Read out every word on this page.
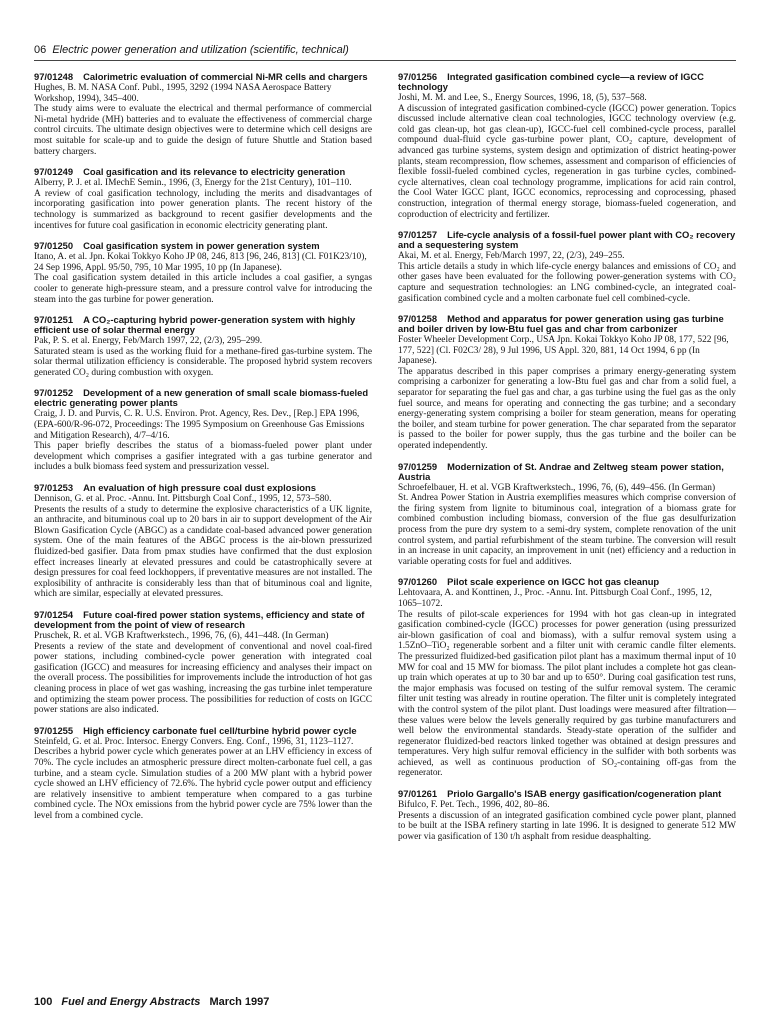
06 Electric power generation and utilization (scientific, technical)
97/01248 Calorimetric evaluation of commercial Ni-MR cells and chargers
Hughes, B. M. NASA Conf. Publ., 1995, 3292 (1994 NASA Aerospace Battery Workshop, 1994), 345–400.
The study aims were to evaluate the electrical and thermal performance of commercial Ni-metal hydride (MH) batteries and to evaluate the effectiveness of commercial charge control circuits. The ultimate design objectives were to determine which cell designs are most suitable for scale-up and to guide the design of future Shuttle and Station based battery chargers.
97/01249 Coal gasification and its relevance to electricity generation
Alberry, P. J. et al. IMechE Semin., 1996, (3, Energy for the 21st Century), 101–110.
A review of coal gasification technology, including the merits and disadvantages of incorporating gasification into power generation plants. The recent history of the technology is summarized as background to recent gasifier developments and the incentives for future coal gasification in economic electricity generating plant.
97/01250 Coal gasification system in power generation system
Itano, A. et al. Jpn. Kokai Tokkyo Koho JP 08, 246, 813 [96, 246, 813] (Cl. F01K23/10), 24 Sep 1996, Appl. 95/50, 795, 10 Mar 1995, 10 pp (In Japanese).
The coal gasification system detailed in this article includes a coal gasifier, a syngas cooler to generate high-pressure steam, and a pressure control valve for introducing the steam into the gas turbine for power generation.
97/01251 A CO₂-capturing hybrid power-generation system with highly efficient use of solar thermal energy
Pak, P. S. et al. Energy, Feb/March 1997, 22, (2/3), 295–299.
Saturated steam is used as the working fluid for a methane-fired gas-turbine system. The solar thermal utilization efficiency is considerable. The proposed hybrid system recovers generated CO₂ during combustion with oxygen.
97/01252 Development of a new generation of small scale biomass-fueled electric generating power plants
Craig, J. D. and Purvis, C. R. U.S. Environ. Prot. Agency, Res. Dev., [Rep.] EPA 1996, (EPA-600/R-96-072, Proceedings: The 1995 Symposium on Greenhouse Gas Emissions and Mitigation Research), 4/7–4/16.
This paper briefly describes the status of a biomass-fueled power plant under development which comprises a gasifier integrated with a gas turbine generator and includes a bulk biomass feed system and pressurization vessel.
97/01253 An evaluation of high pressure coal dust explosions
Dennison, G. et al. Proc. -Annu. Int. Pittsburgh Coal Conf., 1995, 12, 573–580.
Presents the results of a study to determine the explosive characteristics of a UK lignite, an anthracite, and bituminous coal up to 20 bars in air to support development of the Air Blown Gasification Cycle (ABGC) as a candidate coal-based advanced power generation system. One of the main features of the ABGC process is the air-blown pressurized fluidized-bed gasifier. Data from pmax studies have confirmed that the dust explosion effect increases linearly at elevated pressures and could be catastrophically severe at design pressures for coal feed lockhoppers, if preventative measures are not installed. The explosibility of anthracite is considerably less than that of bituminous coal and lignite, which are similar, especially at elevated pressures.
97/01254 Future coal-fired power station systems, efficiency and state of development from the point of view of research
Pruschek, R. et al. VGB Kraftwerkstech., 1996, 76, (6), 441–448. (In German)
Presents a review of the state and development of conventional and novel coal-fired power stations, including combined-cycle power generation with integrated coal gasification (IGCC) and measures for increasing efficiency and analyses their impact on the overall process. The possibilities for improvements include the introduction of hot gas cleaning process in place of wet gas washing, increasing the gas turbine inlet temperature and optimizing the steam power process. The possibilities for reduction of costs on IGCC power stations are also indicated.
97/01255 High efficiency carbonate fuel cell/turbine hybrid power cycle
Steinfeld, G. et al. Proc. Intersoc. Energy Convers. Eng. Conf., 1996, 31, 1123–1127.
Describes a hybrid power cycle which generates power at an LHV efficiency in excess of 70%. The cycle includes an atmospheric pressure direct molten-carbonate fuel cell, a gas turbine, and a steam cycle. Simulation studies of a 200 MW plant with a hybrid power cycle showed an LHV efficiency of 72.6%. The hybrid cycle power output and efficiency are relatively insensitive to ambient temperature when compared to a gas turbine combined cycle. The NOx emissions from the hybrid power cycle are 75% lower than the level from a combined cycle.
97/01256 Integrated gasification combined cycle—a review of IGCC technology
Joshi, M. M. and Lee, S., Energy Sources, 1996, 18, (5), 537–568.
A discussion of integrated gasification combined-cycle (IGCC) power generation. Topics discussed include alternative clean coal technologies, IGCC technology overview (e.g. cold gas clean-up, hot gas clean-up), IGCC-fuel cell combined-cycle process, parallel compound dual-fluid cycle gas-turbine power plant, CO₂ capture, development of advanced gas turbine systems, system design and optimization of district heating-power plants, steam recompression, flow schemes, assessment and comparison of efficiencies of flexible fossil-fueled combined cycles, regeneration in gas turbine cycles, combined-cycle alternatives, clean coal technology programme, implications for acid rain control, the Cool Water IGCC plant, IGCC economics, reprocessing and coprocessing, phased construction, integration of thermal energy storage, biomass-fueled cogeneration, and coproduction of electricity and fertilizer.
97/01257 Life-cycle analysis of a fossil-fuel power plant with CO₂ recovery and a sequestering system
Akai, M. et al. Energy, Feb/March 1997, 22, (2/3), 249–255.
This article details a study in which life-cycle energy balances and emissions of CO₂ and other gases have been evaluated for the following power-generation systems with CO₂ capture and sequestration technologies: an LNG combined-cycle, an integrated coal-gasification combined cycle and a molten carbonate fuel cell combined-cycle.
97/01258 Method and apparatus for power generation using gas turbine and boiler driven by low-Btu fuel gas and char from carbonizer
Foster Wheeler Development Corp., USA Jpn. Kokai Tokkyo Koho JP 08, 177, 522 [96, 177, 522] (Cl. F02C3/ 28), 9 Jul 1996, US Appl. 320, 881, 14 Oct 1994, 6 pp (In Japanese).
The apparatus described in this paper comprises a primary energy-generating system comprising a carbonizer for generating a low-Btu fuel gas and char from a solid fuel, a separator for separating the fuel gas and char, a gas turbine using the fuel gas as the only fuel source, and means for operating and connecting the gas turbine; and a secondary energy-generating system comprising a boiler for steam generation, means for operating the boiler, and steam turbine for power generation. The char separated from the separator is passed to the boiler for power supply, thus the gas turbine and the boiler can be operated independently.
97/01259 Modernization of St. Andrae and Zeltweg steam power station, Austria
Schroefelbauer, H. et al. VGB Kraftwerkstech., 1996, 76, (6), 449–456. (In German)
St. Andrea Power Station in Austria exemplifies measures which comprise conversion of the firing system from lignite to bituminous coal, integration of a biomass grate for combined combustion including biomass, conversion of the flue gas desulfurization process from the pure dry system to a semi-dry system, complete renovation of the unit control system, and partial refurbishment of the steam turbine. The conversion will result in an increase in unit capacity, an improvement in unit (net) efficiency and a reduction in variable operating costs for fuel and additives.
97/01260 Pilot scale experience on IGCC hot gas cleanup
Lehtovaara, A. and Konttinen, J., Proc. -Annu. Int. Pittsburgh Coal Conf., 1995, 12, 1065–1072.
The results of pilot-scale experiences for 1994 with hot gas clean-up in integrated gasification combined-cycle (IGCC) processes for power generation (using pressurized air-blown gasification of coal and biomass), with a sulfur removal system using a 1.5ZnO–TiO₂ regenerable sorbent and a filter unit with ceramic candle filter elements. The pressurized fluidized-bed gasification pilot plant has a maximum thermal input of 10 MW for coal and 15 MW for biomass. The pilot plant includes a complete hot gas clean-up train which operates at up to 30 bar and up to 650°. During coal gasification test runs, the major emphasis was focused on testing of the sulfur removal system. The ceramic filter unit testing was already in routine operation. The filter unit is completely integrated with the control system of the pilot plant. Dust loadings were measured after filtration—these values were below the levels generally required by gas turbine manufacturers and well below the environmental standards. Steady-state operation of the sulfider and regenerator fluidized-bed reactors linked together was obtained at design pressures and temperatures. Very high sulfur removal efficiency in the sulfider with both sorbents was achieved, as well as continuous production of SO₂-containing off-gas from the regenerator.
97/01261 Priolo Gargallo's ISAB energy gasification/cogeneration plant
Bifulco, F. Pet. Tech., 1996, 402, 80–86.
Presents a discussion of an integrated gasification combined cycle power plant, planned to be built at the ISBA refinery starting in late 1996. It is designed to generate 512 MW power via gasification of 130 t/h asphalt from residue deasphalting.
100 Fuel and Energy Abstracts March 1997
